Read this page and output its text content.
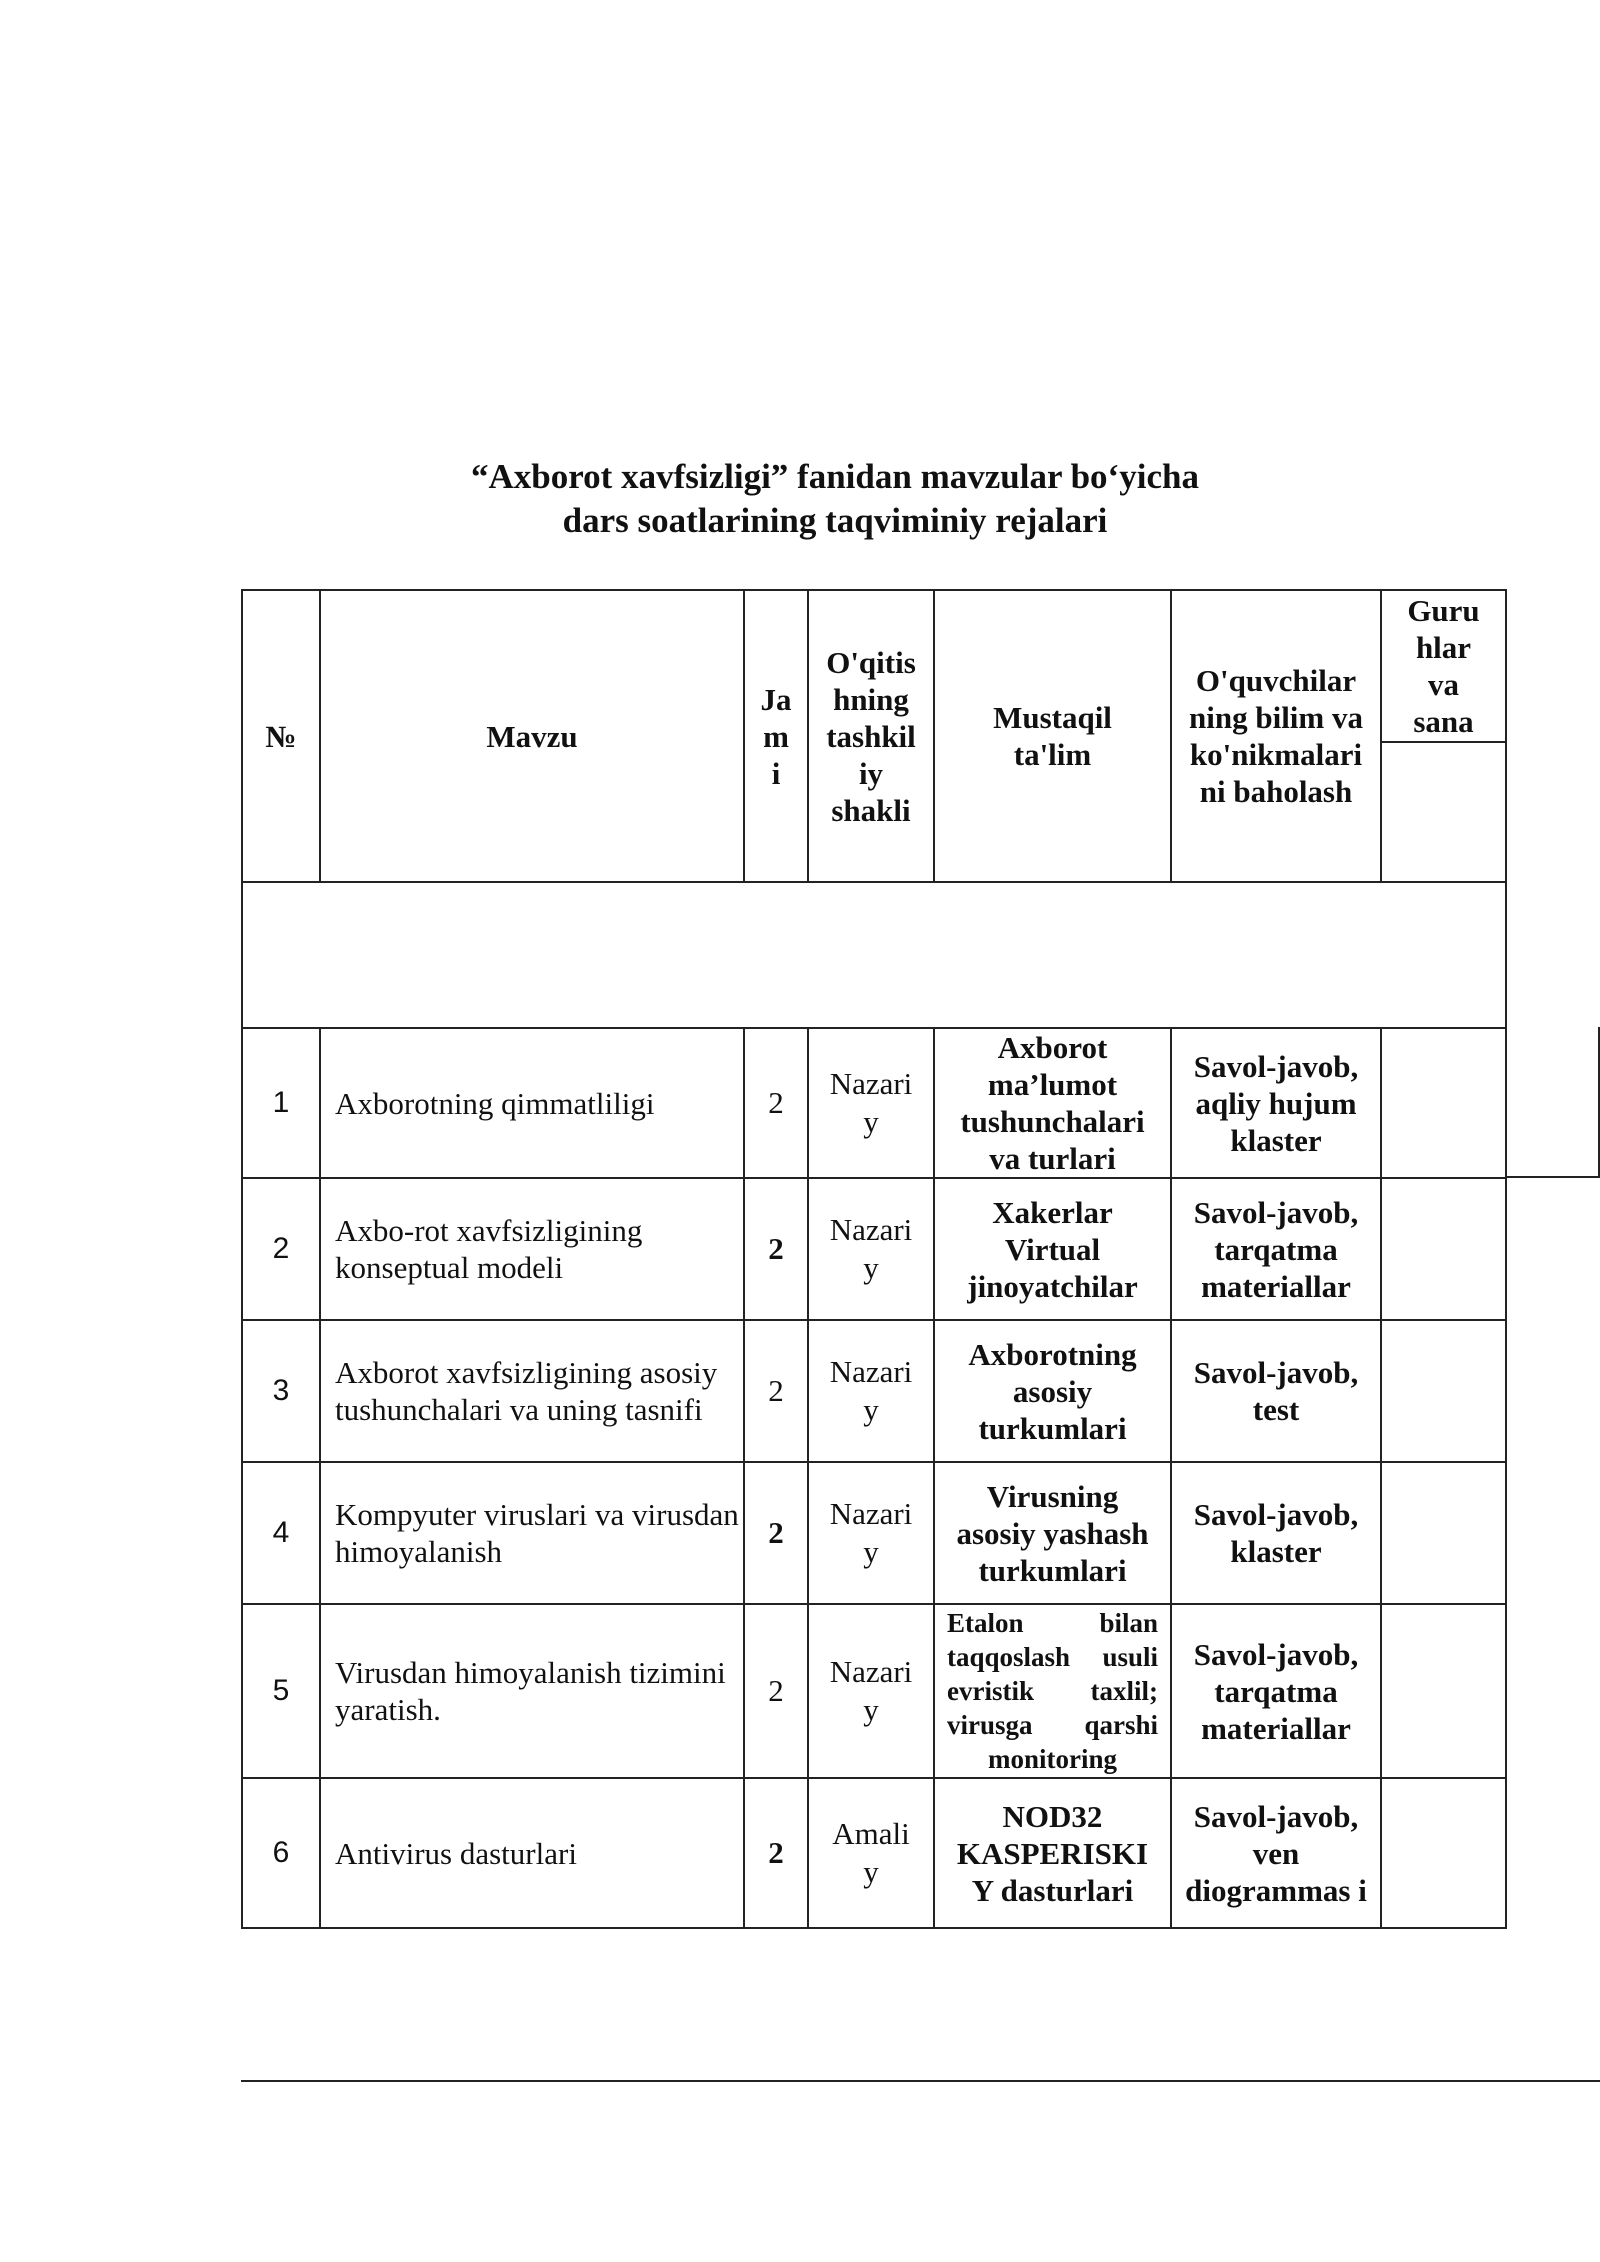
“Axborot xavfsizligi” fanidan mavzular bo‘yicha
dars soatlarining taqviminiy rejalari
№	Mavzu	Ja m i	O'qitis hning tashkil iy shakli	Mustaqil ta'lim	O'quvchilar ning bilim va ko'nikmalari ni baholash	Guru hlar va sana

1	Axborotning qimmatliligi	2	Nazari y	Axborot ma’lumot tushunchalari va turlari	Savol-javob, aqliy hujum klaster	

2	Axbo-rot xavfsizligining konseptual modeli	2	Nazari y	Xakerlar Virtual jinoyatchilar	Savol-javob, tarqatma materiallar	

3	Axborot xavfsizligining asosiy tushunchalari va uning tasnifi	2	Nazari y	Axborotning asosiy turkumlari	Savol-javob, test	

4	Kompyuter viruslari va virusdan himoyalanish	2	Nazari y	Virusning asosiy yashash turkumlari	Savol-javob, klaster	

5	Virusdan himoyalanish tizimini yaratish.	2	Nazari y	Etalon bilan taqqoslash usuli evristik taxlil; virusga qarshi monitoring	Savol-javob, tarqatma materiallar	

6	Antivirus dasturlari	2	Amali y	NOD32 KASPERISKI Y dasturlari	Savol-javob, ven diogrammas i	
